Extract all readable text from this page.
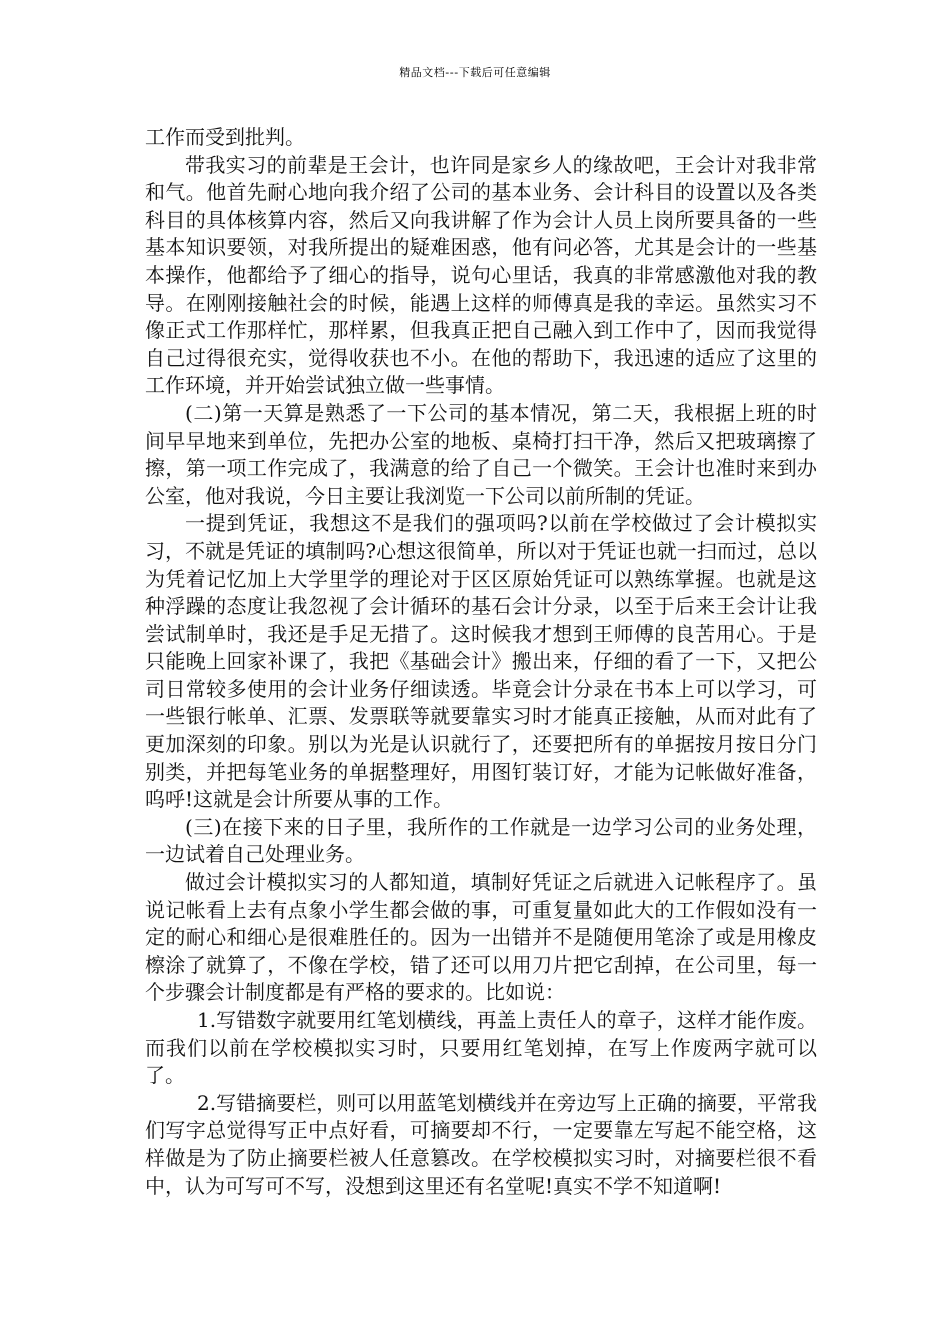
精品文档---下载后可任意编辑

工作而受到批判。

带我实习的前辈是王会计，也许同是家乡人的缘故吧，王会计对我非常和气。他首先耐心地向我介绍了公司的基本业务、会计科目的设置以及各类科目的具体核算内容，然后又向我讲解了作为会计人员上岗所要具备的一些基本知识要领，对我所提出的疑难困惑，他有问必答，尤其是会计的一些基本操作，他都给予了细心的指导，说句心里话，我真的非常感激他对我的教导。在刚刚接触社会的时候，能遇上这样的师傅真是我的幸运。虽然实习不像正式工作那样忙，那样累，但我真正把自己融入到工作中了，因而我觉得自己过得很充实，觉得收获也不小。在他的帮助下，我迅速的适应了这里的工作环境，并开始尝试独立做一些事情。

(二)第一天算是熟悉了一下公司的基本情况，第二天，我根据上班的时间早早地来到单位，先把办公室的地板、桌椅打扫干净，然后又把玻璃擦了擦，第一项工作完成了，我满意的给了自己一个微笑。王会计也准时来到办公室，他对我说，今日主要让我浏览一下公司以前所制的凭证。

一提到凭证，我想这不是我们的强项吗?以前在学校做过了会计模拟实习，不就是凭证的填制吗?心想这很简单，所以对于凭证也就一扫而过，总以为凭着记忆加上大学里学的理论对于区区原始凭证可以熟练掌握。也就是这种浮躁的态度让我忽视了会计循环的基石会计分录，以至于后来王会计让我尝试制单时，我还是手足无措了。这时候我才想到王师傅的良苦用心。于是只能晚上回家补课了，我把《基础会计》搬出来，仔细的看了一下，又把公司日常较多使用的会计业务仔细读透。毕竟会计分录在书本上可以学习，可一些银行帐单、汇票、发票联等就要靠实习时才能真正接触，从而对此有了更加深刻的印象。别以为光是认识就行了，还要把所有的单据按月按日分门别类，并把每笔业务的单据整理好，用图钉装订好，才能为记帐做好准备，呜呼!这就是会计所要从事的工作。

(三)在接下来的日子里，我所作的工作就是一边学习公司的业务处理，一边试着自己处理业务。

做过会计模拟实习的人都知道，填制好凭证之后就进入记帐程序了。虽说记帐看上去有点象小学生都会做的事，可重复量如此大的工作假如没有一定的耐心和细心是很难胜任的。因为一出错并不是随便用笔涂了或是用橡皮檫涂了就算了，不像在学校，错了还可以用刀片把它刮掉，在公司里，每一个步骤会计制度都是有严格的要求的。比如说：

1.写错数字就要用红笔划横线，再盖上责任人的章子，这样才能作废。而我们以前在学校模拟实习时，只要用红笔划掉，在写上作废两字就可以了。

2.写错摘要栏，则可以用蓝笔划横线并在旁边写上正确的摘要，平常我们写字总觉得写正中点好看，可摘要却不行，一定要靠左写起不能空格，这样做是为了防止摘要栏被人任意篡改。在学校模拟实习时，对摘要栏很不看中，认为可写可不写，没想到这里还有名堂呢!真实不学不知道啊!
